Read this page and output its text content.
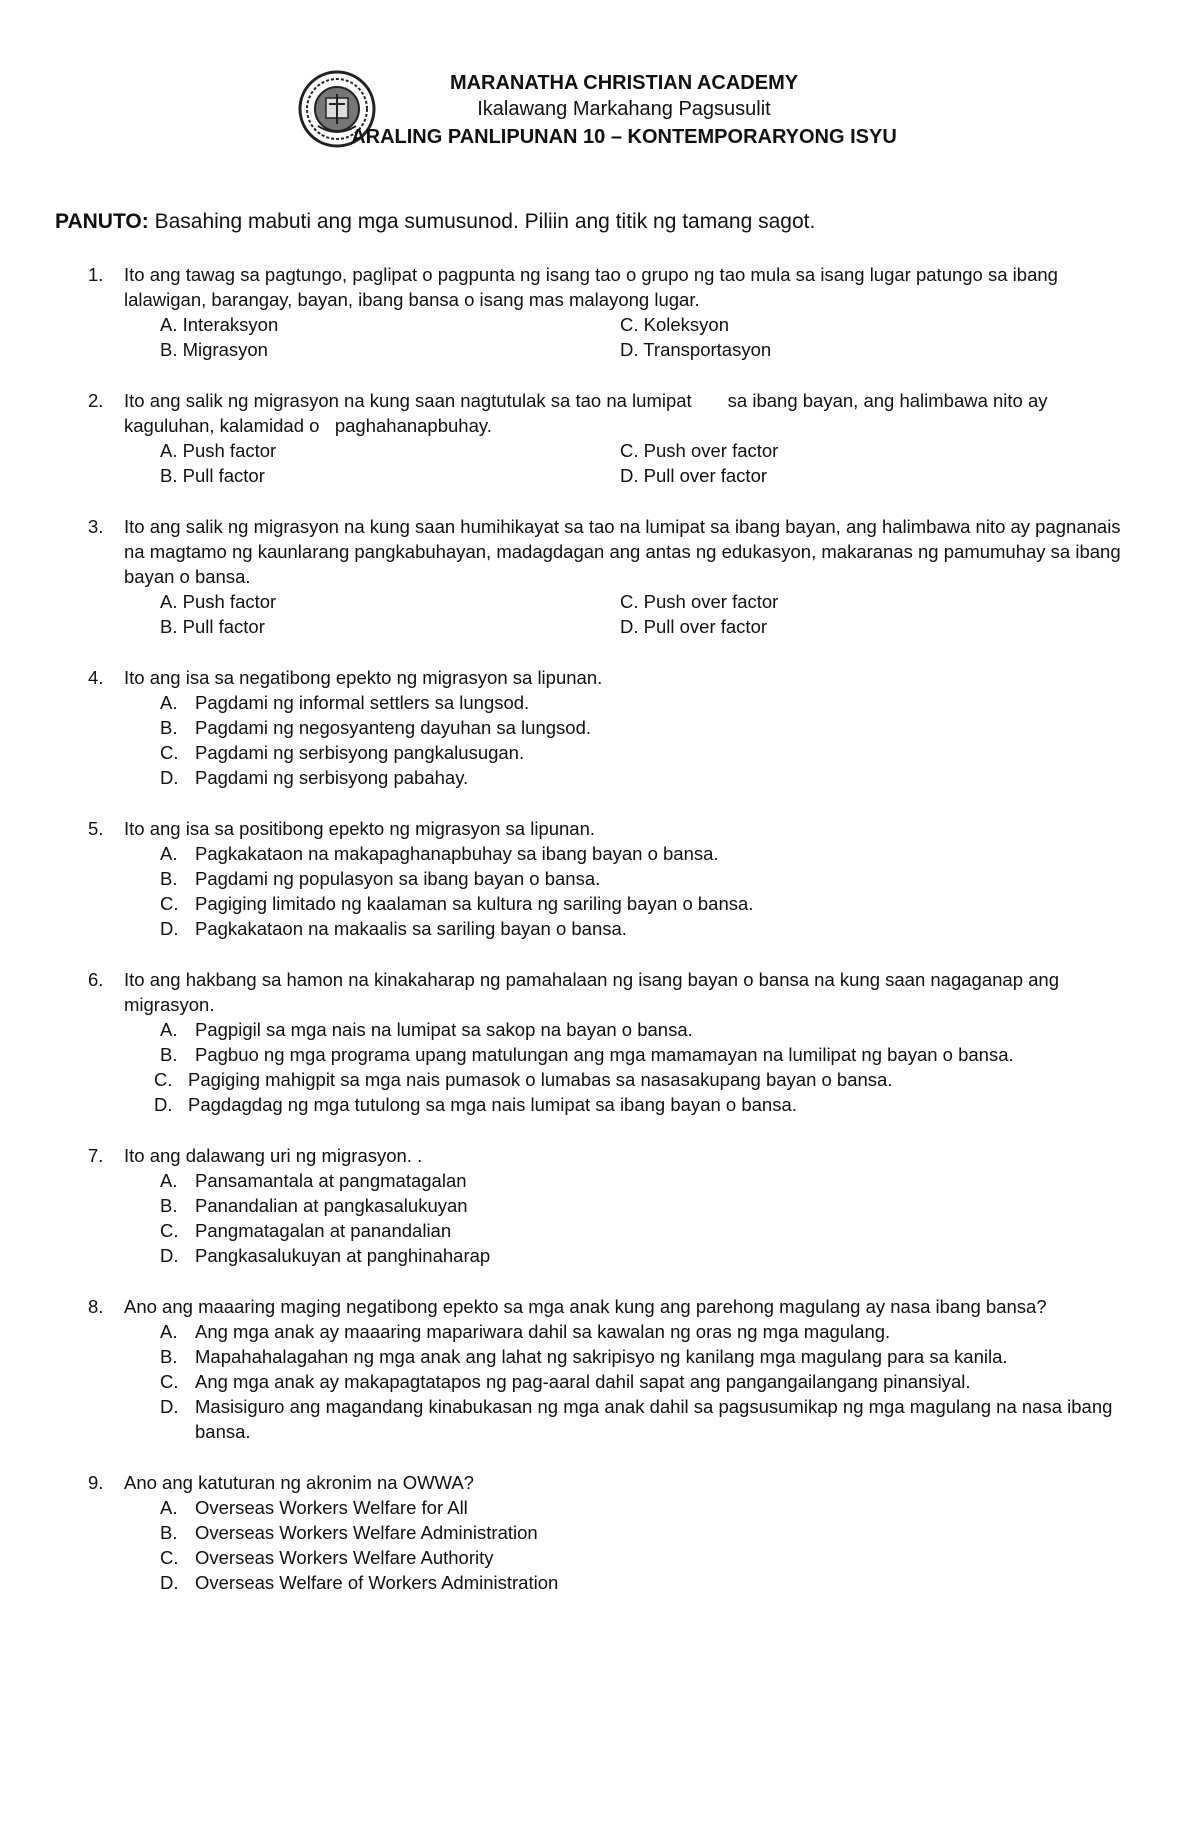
MARANATHA CHRISTIAN ACADEMY
Ikalawang Markahang Pagsusulit
ARALING PANLIPUNAN 10 – KONTEMPORARYONG ISYU
PANUTO: Basahing mabuti ang mga sumusunod. Piliin ang titik ng tamang sagot.
1. Ito ang tawag sa pagtungo, paglipat o pagpunta ng isang tao o grupo ng tao mula sa isang lugar patungo sa ibang lalawigan, barangay, bayan, ibang bansa o isang mas malayong lugar.
A. Interaksyon	C. Koleksyon
B. Migrasyon	D. Transportasyon
2. Ito ang salik ng migrasyon na kung saan nagtutulak sa tao na lumipat       sa ibang bayan, ang halimbawa nito ay kaguluhan, kalamidad o   paghahanapbuhay.
A. Push factor	C. Push over factor
B. Pull factor	D. Pull over factor
3. Ito ang salik ng migrasyon na kung saan humihikayat sa tao na lumipat sa ibang bayan, ang halimbawa nito ay pagnanais na magtamo ng kaunlarang pangkabuhayan, madagdagan ang antas ng edukasyon, makaranas ng pamumuhay sa ibang bayan o bansa.
A. Push factor	C. Push over factor
B. Pull factor	D. Pull over factor
4. Ito ang isa sa negatibong epekto ng migrasyon sa lipunan.
A. Pagdami ng informal settlers sa lungsod.
B. Pagdami ng negosyanteng dayuhan sa lungsod.
C. Pagdami ng serbisyong pangkalusugan.
D. Pagdami ng serbisyong pabahay.
5. Ito ang isa sa positibong epekto ng migrasyon sa lipunan.
A. Pagkakataon na makapaghanapbuhay sa ibang bayan o bansa.
B. Pagdami ng populasyon sa ibang bayan o bansa.
C. Pagiging limitado ng kaalaman sa kultura ng sariling bayan o bansa.
D. Pagkakataon na makaalis sa sariling bayan o bansa.
6. Ito ang hakbang sa hamon na kinakaharap ng pamahalaan ng isang bayan o bansa na kung saan nagaganap ang migrasyon.
A. Pagpigil sa mga nais na lumipat sa sakop na bayan o bansa.
B. Pagbuo ng mga programa upang matulungan ang mga mamamayan na lumilipat ng bayan o bansa.
C. Pagiging mahigpit sa mga nais pumasok o lumabas sa nasasakupang bayan o bansa.
D. Pagdagdag ng mga tutulong sa mga nais lumipat sa ibang bayan o bansa.
7. Ito ang dalawang uri ng migrasyon. .
A. Pansamantala at pangmatagalan
B. Panandalian at pangkasalukuyan
C. Pangmatagalan at panandalian
D. Pangkasalukuyan at panghinaharap
8. Ano ang maaaring maging negatibong epekto sa mga anak kung ang parehong magulang ay nasa ibang bansa?
A. Ang mga anak ay maaaring mapariwara dahil sa kawalan ng oras ng mga magulang.
B. Mapahahalagahan ng mga anak ang lahat ng sakripisyo ng kanilang mga magulang para sa kanila.
C. Ang mga anak ay makapagtatapos ng pag-aaral dahil sapat ang pangangailangang pinansiyal.
D. Masisiguro ang magandang kinabukasan ng mga anak dahil sa pagsusumikap ng mga magulang na nasa ibang bansa.
9. Ano ang katuturan ng akronim na OWWA?
A. Overseas Workers Welfare for All
B. Overseas Workers Welfare Administration
C. Overseas Workers Welfare Authority
D. Overseas Welfare of Workers Administration
